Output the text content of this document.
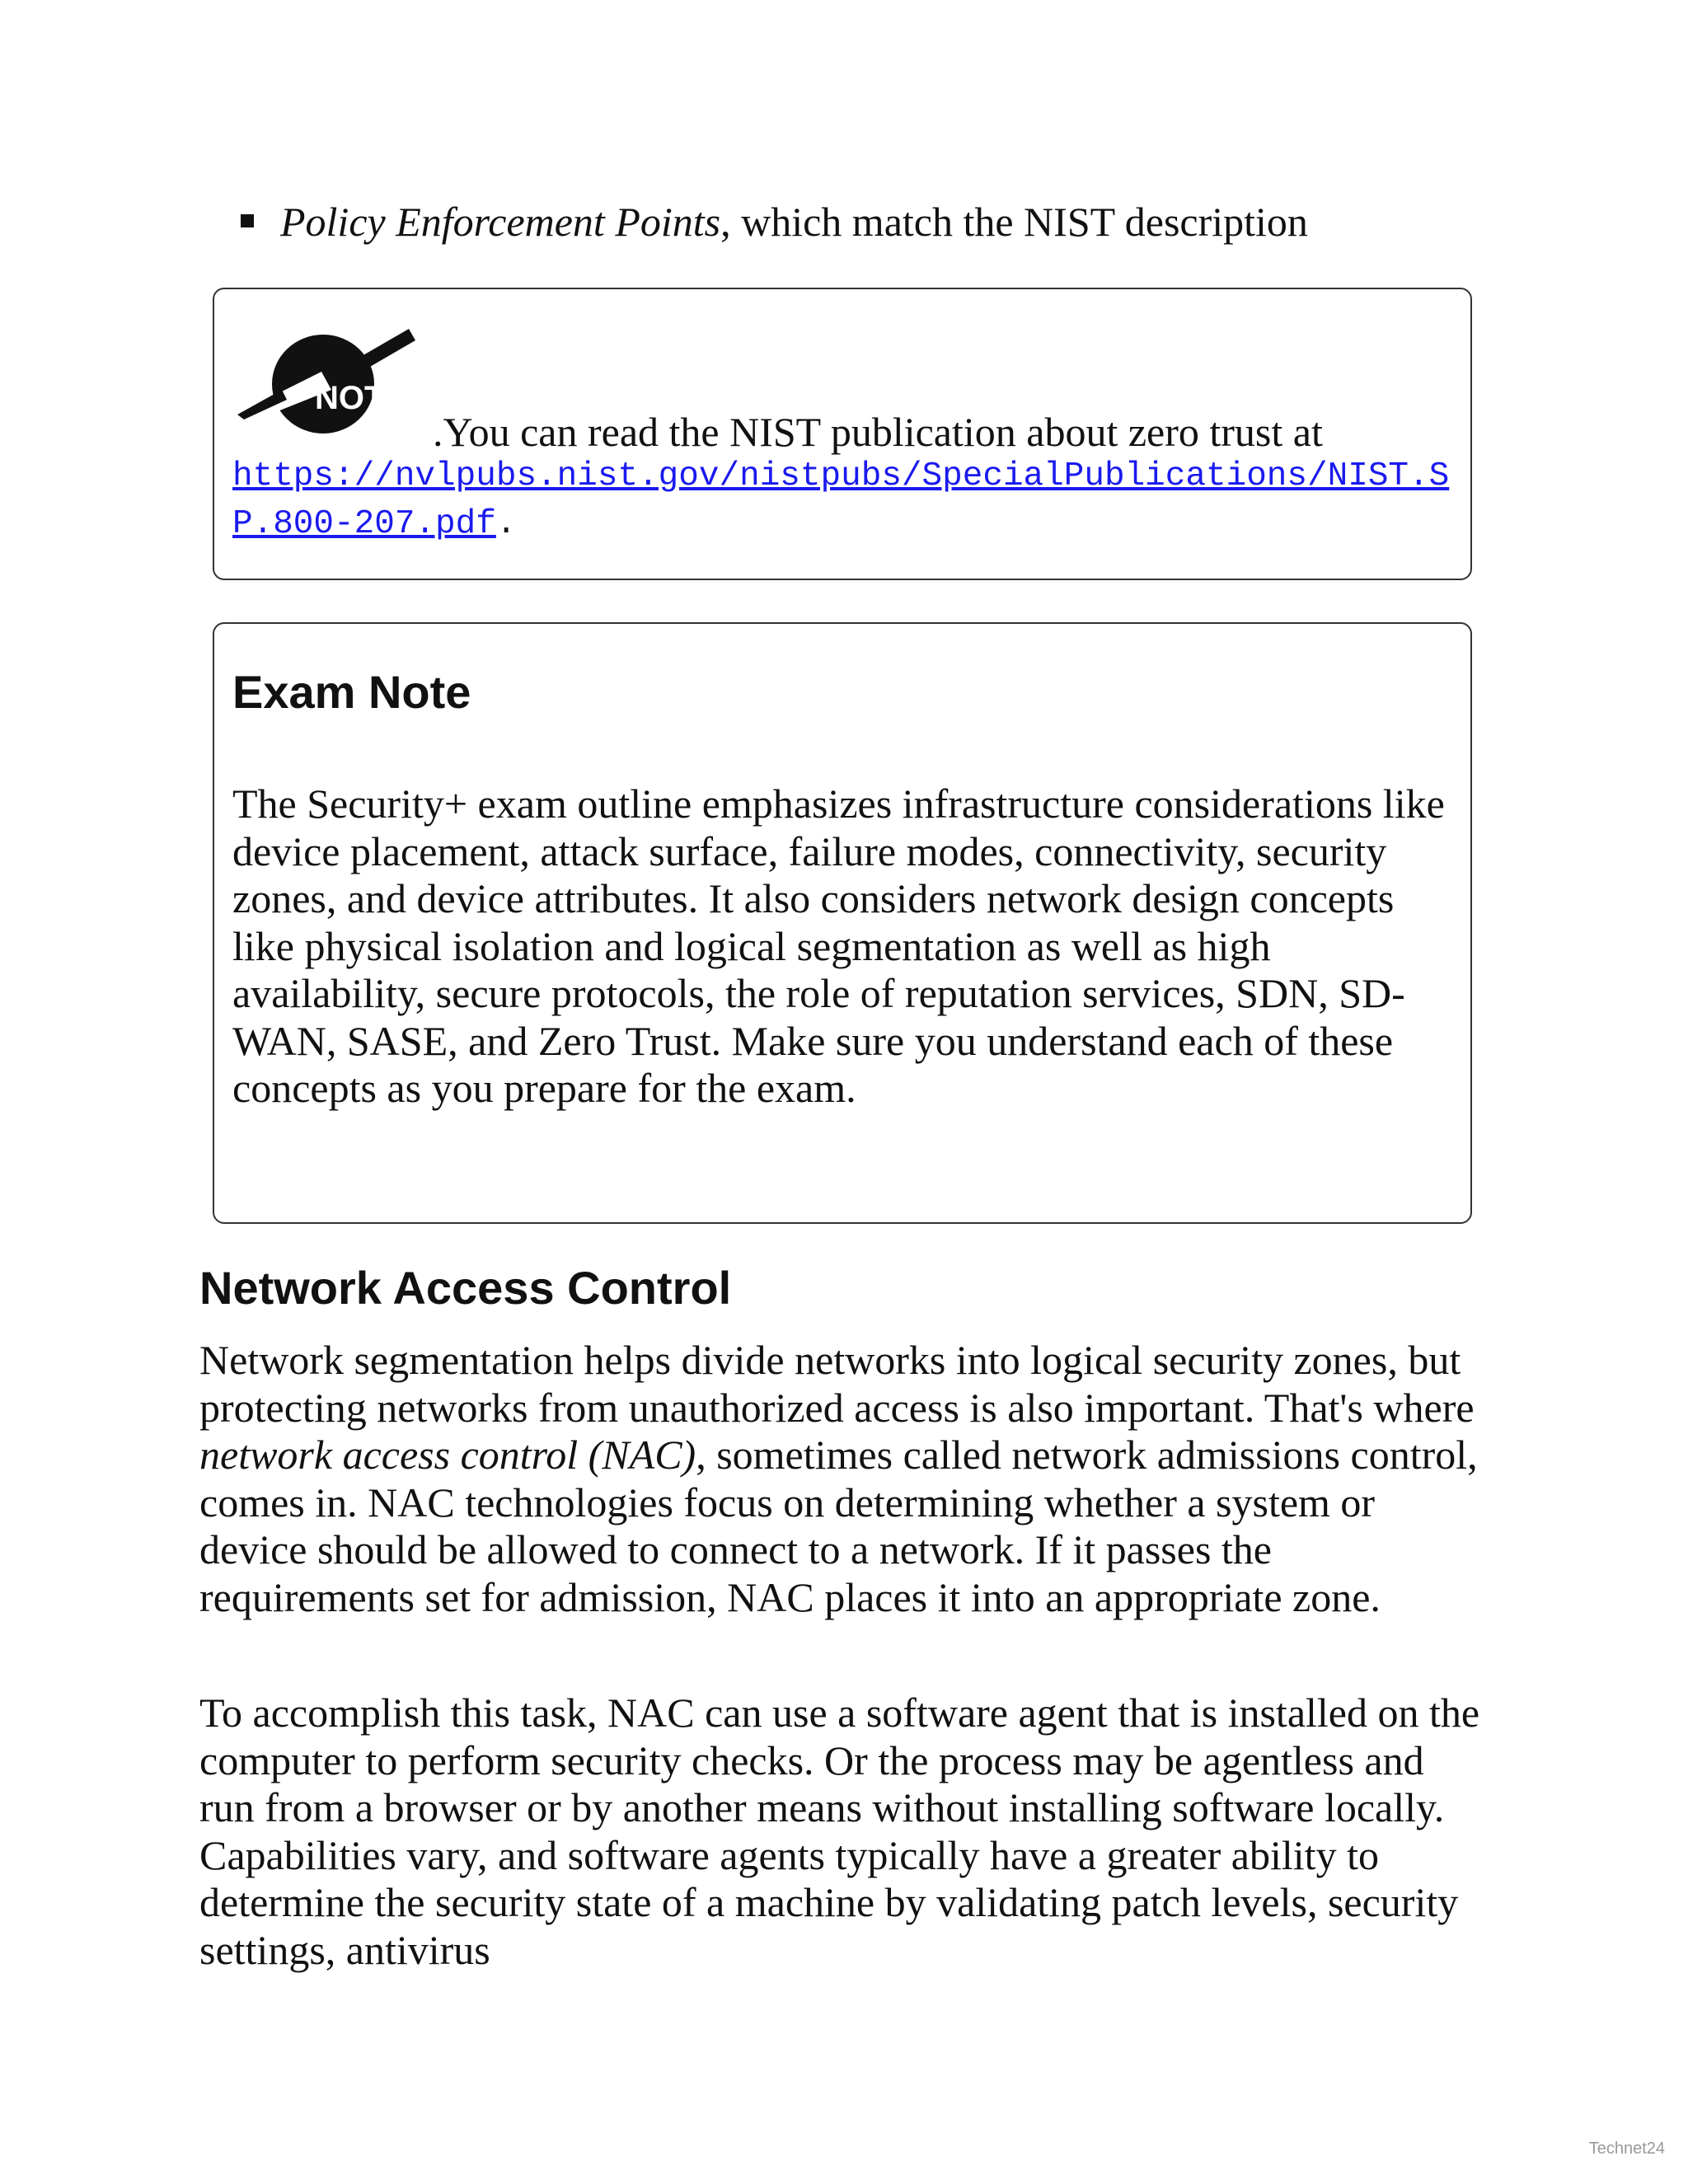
Policy Enforcement Points, which match the NIST description
NOTE
.You can read the NIST publication about zero trust at
https://nvlpubs.nist.gov/nistpubs/SpecialPublications/NIST.SP.800-207.pdf.
Exam Note
The Security+ exam outline emphasizes infrastructure considerations like device placement, attack surface, failure modes, connectivity, security zones, and device attributes. It also considers network design concepts like physical isolation and logical segmentation as well as high availability, secure protocols, the role of reputation services, SDN, SD-WAN, SASE, and Zero Trust. Make sure you understand each of these concepts as you prepare for the exam.
Network Access Control
Network segmentation helps divide networks into logical security zones, but protecting networks from unauthorized access is also important. That's where network access control (NAC), sometimes called network admissions control, comes in. NAC technologies focus on determining whether a system or device should be allowed to connect to a network. If it passes the requirements set for admission, NAC places it into an appropriate zone.
To accomplish this task, NAC can use a software agent that is installed on the computer to perform security checks. Or the process may be agentless and run from a browser or by another means without installing software locally. Capabilities vary, and software agents typically have a greater ability to determine the security state of a machine by validating patch levels, security settings, antivirus
Technet24
